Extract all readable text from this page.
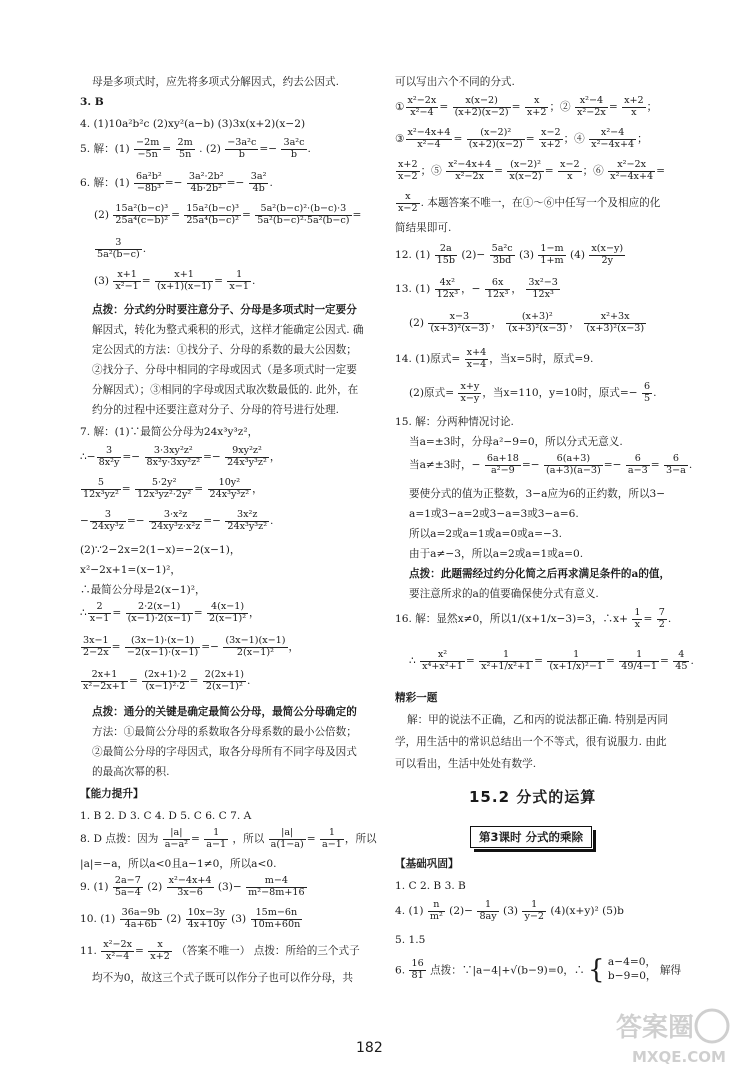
母是多项式时，应先将多项式分解因式，约去公因式.
3. B
4. (1)10a²b²c (2)xy²(a−b) (3)3x(x+2)(x−2)
5. 解：$(1) \frac{-2m}{-5n} = \frac{2m}{5n}$ . $(2) \frac{\text{−3a²c}}{b} =- \frac{\text{3a²c}}{b}$ .
6. 解：$(1) \frac{\text{6a²b²}}{\text{−8b³}} =- \frac{\text{3a²·2b²}}{\text{4b·2b²}} =- \frac{\text{3a²}}{4b}$ .
$(2) \frac{\text{15a²(b−c)³}}{\text{25a⁴(c−b)²}} = \frac{\text{15a²(b−c)³}}{\text{25a⁴(b−c)²}} = \frac{\text{5a²(b−c)²·(b−c)·3}}{\text{5a²(b−c)²·5a²(b−c)}}$ =
$\frac{3}{\text{5a²(b−c)}}$ .
$(3) \frac{x+1}{\text{x²−1}} = \frac{x+1}{(x+1)(x-1)} = \frac{1}{x-1}$ .
点拨：分式约分时要注意分子、分母是多项式时一定要分
解因式，转化为整式乘积的形式，这样才能确定公因式. 确
定公因式的方法：①找分子、分母的系数的最大公因数；
②找分子、分母中相同的字母或因式（是多项式时一定要
分解因式）；③相同的字母或因式取次数最低的. 此外，在
约分的过程中还要注意对分子、分母的符号进行处理.
7. 解：(1)∵最简公分母为24x³y³z²，
∴− $\frac{3}{\text{8x²y}} =- \frac{\text{3·3xy²z²}}{\text{8x²y·3xy²z²}} =- \frac{\text{9xy²z²}}{\text{24x³y³z²}}$ ，
$\frac{5}{\text{12x³yz²}} = \frac{\text{5·2y²}}{\text{12x³yz²·2y²}} = \frac{\text{10y²}}{\text{24x³y³z²}}$ ，
− $\frac{3}{\text{24xy³z}} =- \frac{\text{3·x²z}}{\text{24xy³z·x²z}} =- \frac{\text{3x²z}}{\text{24x³y³z²}}$ .
(2)∵2−2x=2(1−x)=−2(x−1)，
x²−2x+1=(x−1)²，
∴最简公分母是2(x−1)²，
∴ $\frac{2}{x-1} = \frac{2\cdot 2(x-1)}{(x-1)\cdot 2(x-1)} = \frac{4(x-1)}{\text{2(x−1)²}}$ ，
$\frac{3x-1}{2-2x} = \frac{(3x-1)\cdot(x-1)}{-2(x-1)\cdot(x-1)} =- \frac{(3x-1)(x-1)}{\text{2(x−1)²}}$ ，
$\frac{2x+1}{\text{x²−2x+1}} = \frac{(2x+1)\cdot 2}{\text{(x−1)²·2}} = \frac{2(2x+1)}{\text{2(x−1)²}}$ .
点拨：通分的关键是确定最简公分母，最简公分母确定的
方法：①最简公分母的系数取各分母系数的最小公倍数；
②最简公分母的字母因式，取各分母所有不同字母及因式
的最高次幂的积.
【能力提升】
1. B 2. D 3. C 4. D 5. C 6. C 7. A
8. D 点拨：因为 $\frac{|a|}{\text{a−a²}} = \frac{1}{a-1}$ ，所以 $\frac{|a|}{a(1-a)} = \frac{1}{a-1}$ ，所以
|a|=−a，所以a<0且a−1≠0，所以a<0.
9. $(1) \frac{2a-7}{5a-4} (2) \frac{\text{x²−4x+4}}{3x-6} (3)- \frac{m-4}{\text{m²−8m+16}}$
10. $(1) \frac{36a-9b}{4a+6b} (2) \frac{10x-3y}{4x+10y} (3) \frac{15m-6n}{10m+60n}$
11. $\frac{\text{x²−2x}}{\text{x²−4}} = \frac{x}{x+2}$ （答案不唯一） 点拨：所给的三个式子
均不为0，故这三个式子既可以作分子也可以作分母，共
可以写出六个不同的分式.
① $\frac{\text{x²−2x}}{\text{x²−4}} = \frac{x(x-2)}{(x+2)(x-2)} = \frac{x}{x+2}$ ；② $\frac{\text{x²−4}}{\text{x²−2x}} = \frac{x+2}{x}$ ；
③ $\frac{\text{x²−4x+4}}{\text{x²−4}} = \frac{\text{(x−2)²}}{(x+2)(x-2)} = \frac{x-2}{x+2}$ ；④ $\frac{\text{x²−4}}{\text{x²−4x+4}}$ ；
$\frac{x+2}{x-2}$ ；⑤ $\frac{\text{x²−4x+4}}{\text{x²−2x}} = \frac{\text{(x−2)²}}{x(x-2)} = \frac{x-2}{x}$ ；⑥ $\frac{\text{x²−2x}}{\text{x²−4x+4}}$ =
$\frac{x}{x-2}$ . 本题答案不唯一，在①～⑥中任写一个及相应的化
简结果即可.
12. $(1) \frac{2a}{15b} (2)- \frac{\text{5a²c}}{3bd} (3) \frac{1-m}{1+m} (4) \frac{x(x-y)}{2y}$
13. $(1) \frac{\text{4x²}}{\text{12x³}}$ ，− $\frac{6x}{\text{12x³}}$ ， $\frac{\text{3x²−3}}{\text{12x³}}$
$(2) \frac{x-3}{\text{(x+3)²(x−3)}}$ ， $\frac{\text{(x+3)²}}{\text{(x+3)²(x−3)}}$ ， $\frac{\text{x²+3x}}{\text{(x+3)²(x−3)}}$
14. (1)原式= $\frac{x+4}{x-4}$ ，当x=5时，原式=9.
(2)原式= $\frac{x+y}{x-y}$ ，当x=110，y=10时，原式=− $\frac{6}{5}$ .
15. 解：分两种情况讨论.
当a=±3时，分母a²−9=0，所以分式无意义.
当a≠±3时，− $\frac{6a+18}{\text{a²−9}} =- \frac{6(a+3)}{(a+3)(a-3)} =- \frac{6}{a-3} = \frac{6}{3-a}$ .
要使分式的值为正整数，3−a应为6的正约数，所以3−
a=1或3−a=2或3−a=3或3−a=6.
所以a=2或a=1或a=0或a=−3.
由于a≠−3，所以a=2或a=1或a=0.
点拨：此题需经过约分化简之后再求满足条件的a的值，
要注意所求的a的值要确保使分式有意义.
16. 解：显然x≠0，所以1/(x+1/x−3)=3，∴x+ $\frac{1}{x} = \frac{7}{2}$ .
∴ $\frac{\text{x²}}{\text{x⁴+x²+1}} = \frac{1}{\text{x²+1/x²+1}} = \frac{1}{\text{(x+1/x)²−1}} = \frac{1}{49/4-1} = \frac{4}{45}$ .
精彩一题
解：甲的说法不正确，乙和丙的说法都正确. 特别是丙同
学，用生活中的常识总结出一个不等式，很有说服力. 由此
可以看出，生活中处处有数学.
15.2 分式的运算
第3课时 分式的乘除
【基础巩固】
1. C 2. B 3. B
4. $(1) \frac{n}{\text{m²}} (2)- \frac{1}{8ay} (3) \frac{1}{y-2} (4)(x+y)^2$ (5)b
5. 1.5
6. $\frac{16}{81}$ 点拨：∵|a−4|+√(b−9)=0，∴ { a−4=0，
b−9=0， 解得
182
答案圈
MXQE.COM
